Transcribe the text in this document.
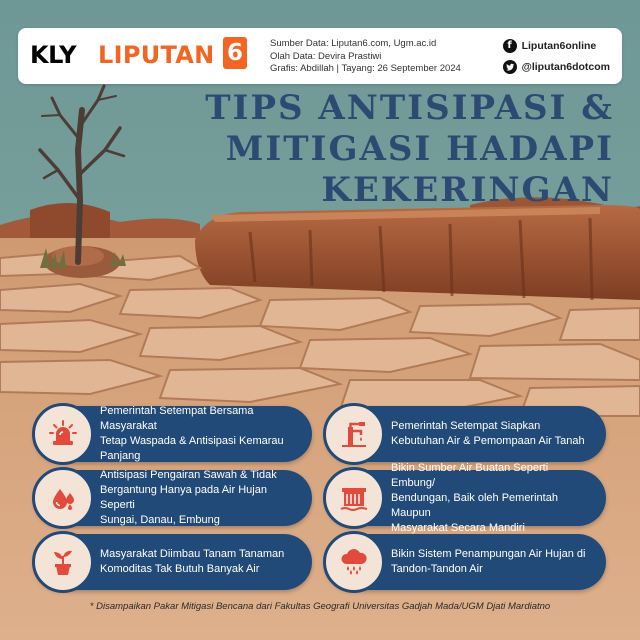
KLY LIPUTAN 6	Sumber Data: Liputan6.com, Ugm.ac.id
Olah Data: Devira Prastiwi
Grafis: Abdillah | Tayang: 26 September 2024
f Liputan6online
@liputan6dotcom
TIPS ANTISIPASI &
MITIGASI HADAPI
KEKERINGAN
Pemerintah Setempat Bersama Masyarakat
Tetap Waspada & Antisipasi Kemarau Panjang
Pemerintah Setempat Siapkan
Kebutuhan Air & Pemompaan Air Tanah
Antisipasi Pengairan Sawah & Tidak
Bergantung Hanya pada Air Hujan Seperti
Sungai, Danau, Embung
Bikin Sumber Air Buatan Seperti Embung/
Bendungan, Baik oleh Pemerintah Maupun
Masyarakat Secara Mandiri
Masyarakat Diimbau Tanam Tanaman
Komoditas Tak Butuh Banyak Air
Bikin Sistem Penampungan Air Hujan di
Tandon-Tandon Air
* Disampaikan Pakar Mitigasi Bencana dari Fakultas Geografi Universitas Gadjah Mada/UGM Djati Mardiatno
